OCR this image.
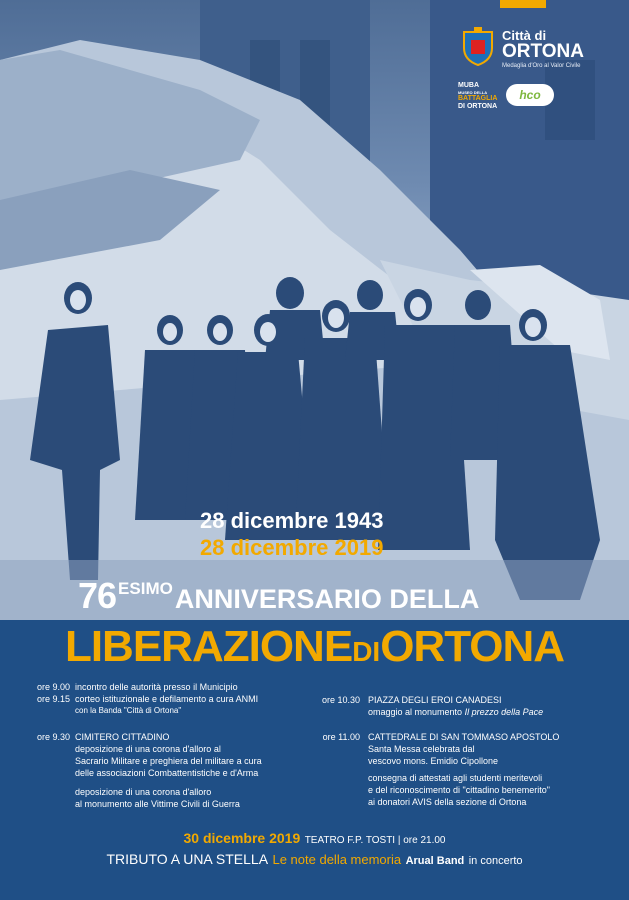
Città di
ORTONA
Medaglia d'Oro al Valor Civile
MUBA
MUSEO DELLA
BATTAGLIA
DI ORTONA
hco
28 dicembre 1943
28 dicembre 2019
76 ESIMOANNIVERSARIO DELLA
LIBERAZIONEDIORTONA
ore 9.00 incontro delle autorità presso il Municipio
ore 9.15 corteo istituzionale e defilamento a cura ANMI
con la Banda "Città di Ortona"
ore 9.30 CIMITERO CITTADINO
deposizione di una corona d'alloro al
Sacrario Militare e preghiera del militare a cura
delle associazioni Combattentistiche e d'Arma
deposizione di una corona d'alloro
al monumento alle Vittime Civili di Guerra
ore 10.30 PIAZZA DEGLI EROI CANADESI
omaggio al monumento Il prezzo della Pace
ore 11.00 CATTEDRALE DI SAN TOMMASO APOSTOLO
Santa Messa celebrata dal
vescovo mons. Emidio Cipollone
consegna di attestati agli studenti meritevoli
e del riconoscimento di "cittadino benemerito"
ai donatori AVIS della sezione di Ortona
30 dicembre 2019 TEATRO F.P. TOSTI | ore 21.00
TRIBUTO A UNA STELLA Le note della memoria Arual Band in concerto
